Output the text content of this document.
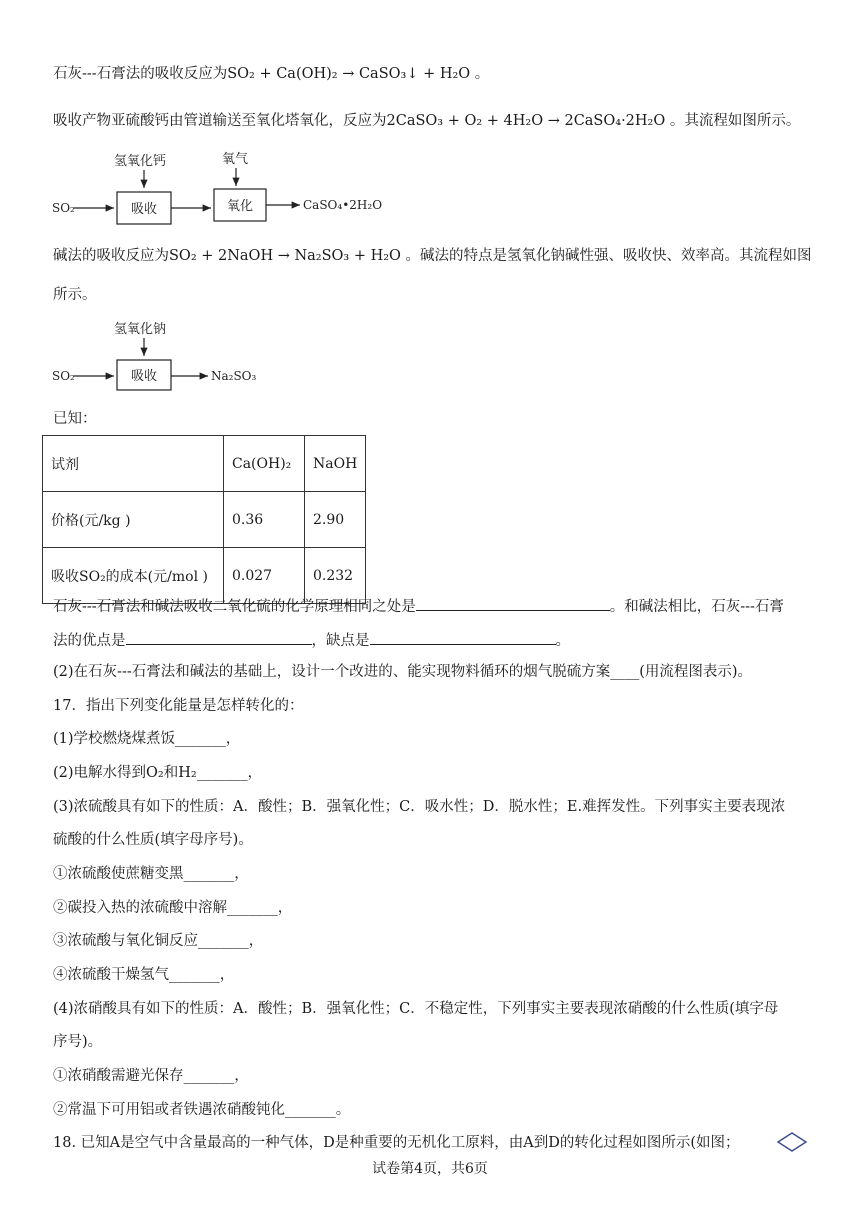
石灰---石膏法的吸收反应为SO₂ + Ca(OH)₂ → CaSO₃↓ + H₂O 。
吸收产物亚硫酸钙由管道输送至氧化塔氧化，反应为2CaSO₃ + O₂ + 4H₂O → 2CaSO₄·2H₂O 。其流程如图所示。
氢氧化钙	氧气
SO₂	吸收	氧化	CaSO₄•2H₂O
碱法的吸收反应为SO₂ + 2NaOH → Na₂SO₃ + H₂O 。碱法的特点是氢氧化钠碱性强、吸收快、效率高。其流程如图
所示。
氢氧化钠
SO₂	吸收	Na₂SO₃
已知：
试剂	Ca(OH)₂	NaOH
价格(元/kg )	0.36	2.90
吸收SO₂的成本(元/mol )	0.027	0.232
石灰---石膏法和碱法吸收二氧化硫的化学原理相同之处是	。和碱法相比，石灰---石膏
法的优点是	，缺点是	。
(2)在石灰---石膏法和碱法的基础上，设计一个改进的、能实现物料循环的烟气脱硫方案____(用流程图表示)。
17．指出下列变化能量是怎样转化的：
(1)学校燃烧煤煮饭_______，
(2)电解水得到O₂和H₂_______，
(3)浓硫酸具有如下的性质：A．酸性；B．强氧化性；C．吸水性；D．脱水性；E.难挥发性。下列事实主要表现浓
硫酸的什么性质(填字母序号)。
①浓硫酸使蔗糖变黑_______，
②碳投入热的浓硫酸中溶解_______，
③浓硫酸与氧化铜反应_______，
④浓硫酸干燥氢气_______，
(4)浓硝酸具有如下的性质：A．酸性；B．强氧化性；C．不稳定性，下列事实主要表现浓硝酸的什么性质(填字母
序号)。
①浓硝酸需避光保存_______，
②常温下可用铝或者铁遇浓硝酸钝化_______。
18. 已知A是空气中含量最高的一种气体，D是种重要的无机化工原料，由A到D的转化过程如图所示(如图；
试卷第4页，共6页
